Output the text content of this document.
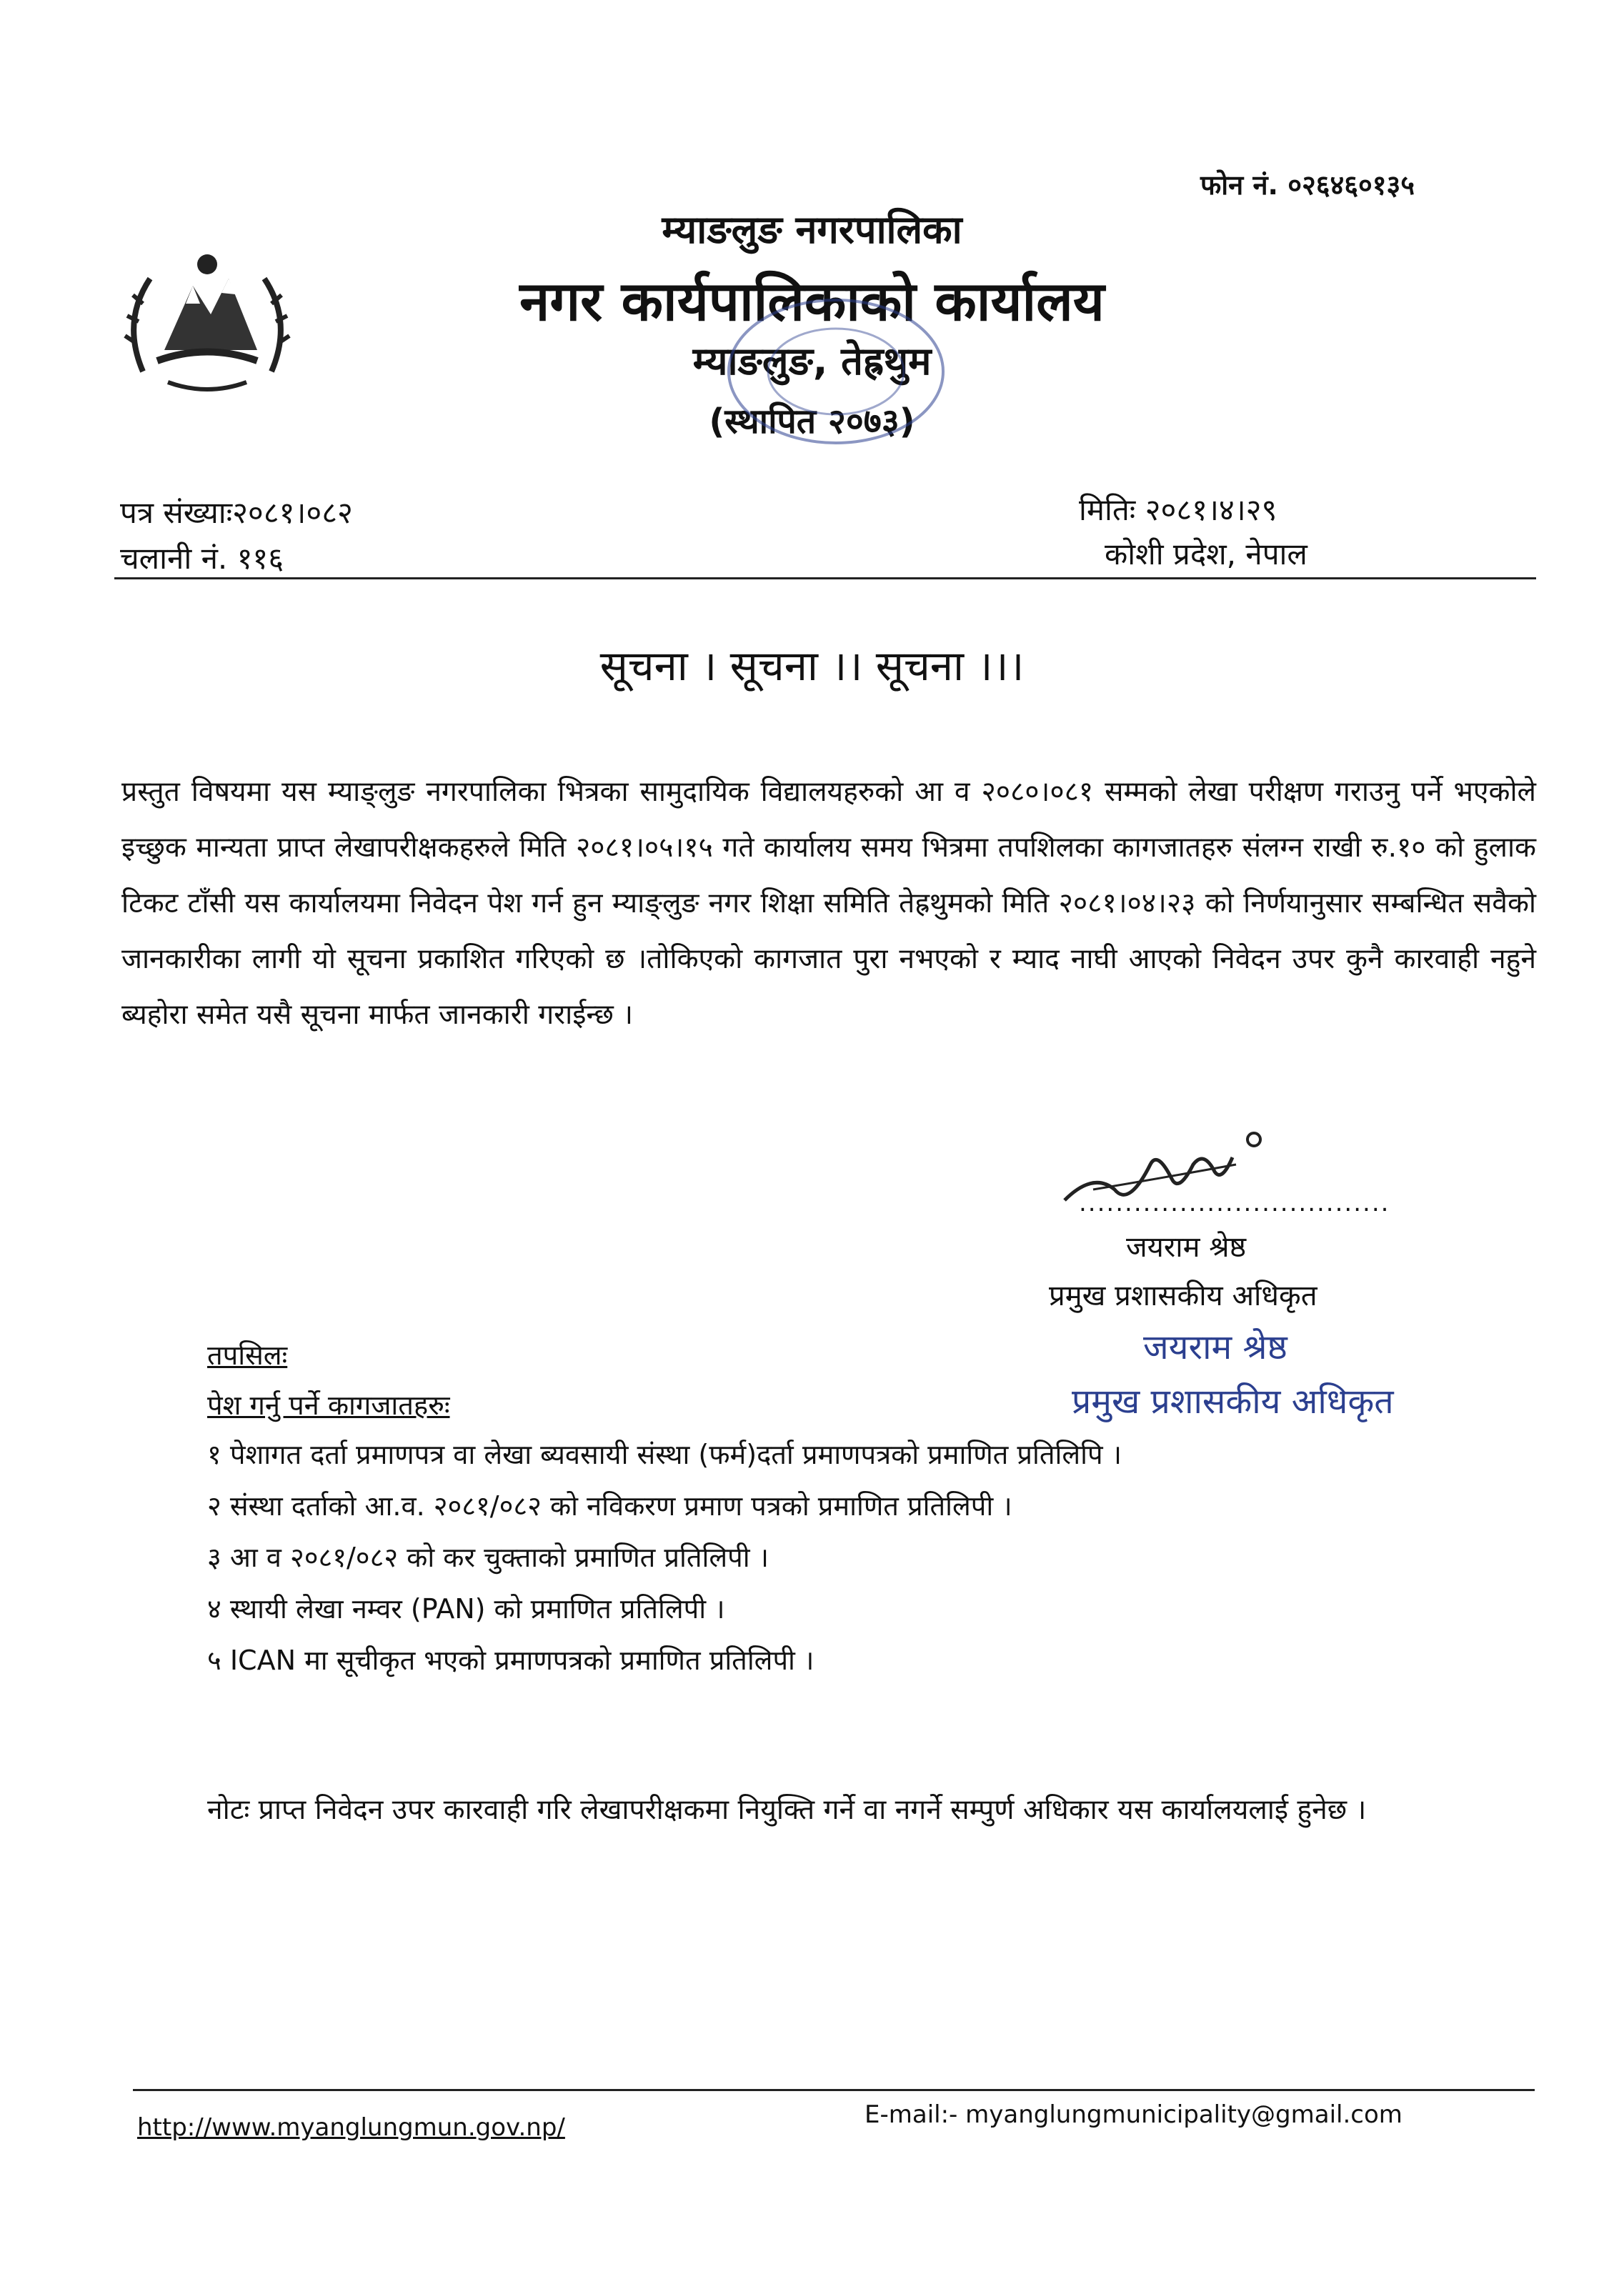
फोन नं. ०२६४६०१३५
म्याङलुङ नगरपालिका
नगर कार्यपालिकाको कार्यालय
म्याङलुङ, तेह्रथुम
(स्थापित २०७३)
पत्र संख्याः२०८१।०८२
चलानी नं. ११६
मितिः २०८१।४।२९
कोशी प्रदेश, नेपाल
सूचना । सूचना ।। सूचना ।।।
प्रस्तुत विषयमा यस म्याङ्लुङ नगरपालिका भित्रका सामुदायिक विद्यालयहरुको आ व २०८०।०८१ सम्मको लेखा परीक्षण गराउनु पर्ने भएकोले इच्छुक मान्यता प्राप्त लेखापरीक्षकहरुले मिति २०८१।०५।१५ गते कार्यालय समय भित्रमा तपशिलका कागजातहरु संलग्न राखी रु.१० को हुलाक टिकट टाँसी यस कार्यालयमा निवेदन पेश गर्न हुन म्याङ्लुङ नगर शिक्षा समिति तेह्रथुमको मिति २०८१।०४।२३ को निर्णयानुसार सम्बन्धित सवैको जानकारीका लागी यो सूचना प्रकाशित गरिएको छ ।तोकिएको कागजात पुरा नभएको र म्याद नाघी आएको निवेदन उपर कुनै कारवाही नहुने ब्यहोरा समेत यसै सूचना मार्फत जानकारी गराईन्छ ।
..................................
जयराम श्रेष्ठ
प्रमुख प्रशासकीय अधिकृत
जयराम श्रेष्ठ
प्रमुख प्रशासकीय अधिकृत
तपसिलः
पेश गर्नु पर्ने कागजातहरुः
१ पेशागत दर्ता प्रमाणपत्र वा लेखा ब्यवसायी संस्था (फर्म)दर्ता प्रमाणपत्रको प्रमाणित प्रतिलिपि ।
२ संस्था दर्ताको आ.व. २०८१/०८२ को नविकरण प्रमाण पत्रको प्रमाणित प्रतिलिपी ।
३ आ व २०८१/०८२ को कर चुक्ताको प्रमाणित प्रतिलिपी ।
४ स्थायी लेखा नम्वर (PAN) को प्रमाणित प्रतिलिपी ।
५ ICAN मा सूचीकृत भएको प्रमाणपत्रको प्रमाणित प्रतिलिपी ।
नोटः प्राप्त निवेदन उपर कारवाही गरि लेखापरीक्षकमा नियुक्ति गर्ने वा नगर्ने सम्पुर्ण अधिकार यस कार्यालयलाई हुनेछ ।
http://www.myanglungmun.gov.np/	E-mail:- myanglungmunicipality@gmail.com
